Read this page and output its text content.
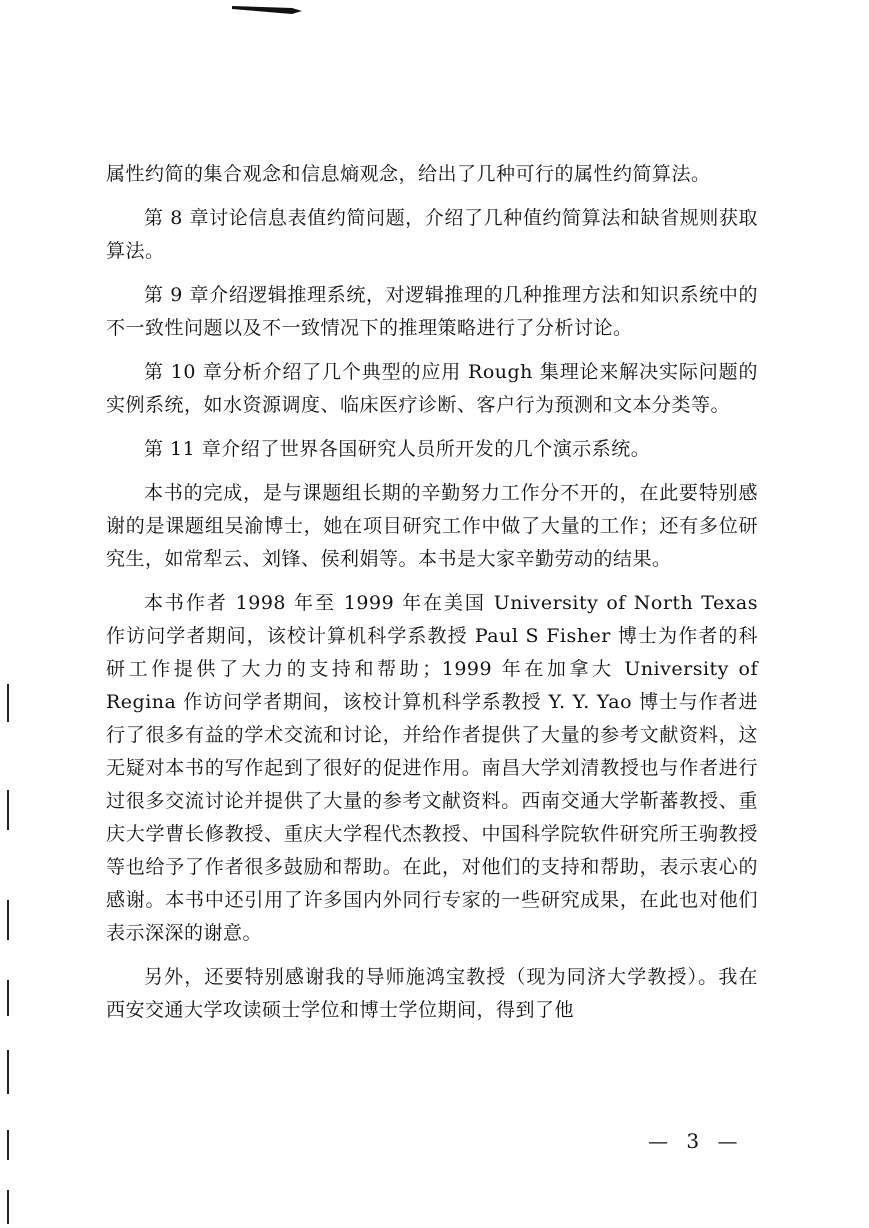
属性约简的集合观念和信息熵观念，给出了几种可行的属性约简算法。

第 8 章讨论信息表值约简问题，介绍了几种值约简算法和缺省规则获取算法。

第 9 章介绍逻辑推理系统，对逻辑推理的几种推理方法和知识系统中的不一致性问题以及不一致情况下的推理策略进行了分析讨论。

第 10 章分析介绍了几个典型的应用 Rough 集理论来解决实际问题的实例系统，如水资源调度、临床医疗诊断、客户行为预测和文本分类等。

第 11 章介绍了世界各国研究人员所开发的几个演示系统。

本书的完成，是与课题组长期的辛勤努力工作分不开的，在此要特别感谢的是课题组吴渝博士，她在项目研究工作中做了大量的工作；还有多位研究生，如常犁云、刘锋、侯利娟等。本书是大家辛勤劳动的结果。

本书作者 1998 年至 1999 年在美国 University of North Texas 作访问学者期间，该校计算机科学系教授 Paul S Fisher 博士为作者的科研工作提供了大力的支持和帮助；1999 年在加拿大 University of Regina 作访问学者期间，该校计算机科学系教授 Y. Y. Yao 博士与作者进行了很多有益的学术交流和讨论，并给作者提供了大量的参考文献资料，这无疑对本书的写作起到了很好的促进作用。南昌大学刘清教授也与作者进行过很多交流讨论并提供了大量的参考文献资料。西南交通大学靳蕃教授、重庆大学曹长修教授、重庆大学程代杰教授、中国科学院软件研究所王驹教授等也给予了作者很多鼓励和帮助。在此，对他们的支持和帮助，表示衷心的感谢。本书中还引用了许多国内外同行专家的一些研究成果，在此也对他们表示深深的谢意。

另外，还要特别感谢我的导师施鸿宝教授（现为同济大学教授）。我在西安交通大学攻读硕士学位和博士学位期间，得到了他

— 3 —
